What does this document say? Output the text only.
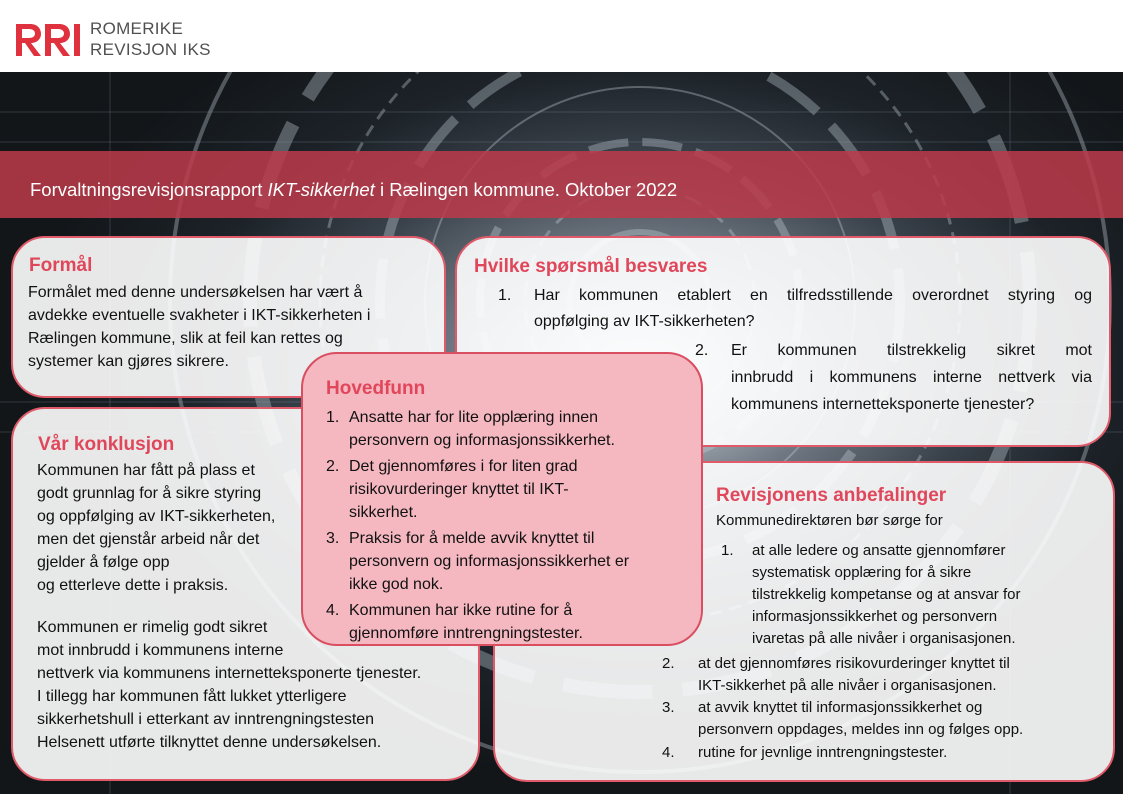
ROMERIKE
REVISJON IKS
Forvaltningsrevisjonsrapport IKT-sikkerhet i Rælingen kommune. Oktober 2022
Formål
Formålet med denne undersøkelsen har vært å
avdekke eventuelle svakheter i IKT-sikkerheten i
Rælingen kommune, slik at feil kan rettes og
systemer kan gjøres sikrere.
Hvilke spørsmål besvares
1. Har kommunen etablert en tilfredsstillende overordnet styring og
oppfølging av IKT-sikkerheten?
2. Er kommunen tilstrekkelig sikret mot
innbrudd i kommunens interne nettverk via
kommunens internetteksponerte tjenester?
Vår konklusjon
Kommunen har fått på plass et
godt grunnlag for å sikre styring
og oppfølging av IKT-sikkerheten,
men det gjenstår arbeid når det
gjelder å følge opp
og etterleve dette i praksis.
Kommunen er rimelig godt sikret
mot innbrudd i kommunens interne
nettverk via kommunens internetteksponerte tjenester.
I tillegg har kommunen fått lukket ytterligere
sikkerhetshull i etterkant av inntrengningstesten
Helsenett utførte tilknyttet denne undersøkelsen.
Revisjonens anbefalinger
Kommunedirektøren bør sørge for
1. at alle ledere og ansatte gjennomfører
systematisk opplæring for å sikre
tilstrekkelig kompetanse og at ansvar for
informasjonssikkerhet og personvern
ivaretas på alle nivåer i organisasjonen.
2. at det gjennomføres risikovurderinger knyttet til
IKT-sikkerhet på alle nivåer i organisasjonen.
3. at avvik knyttet til informasjonssikkerhet og
personvern oppdages, meldes inn og følges opp.
4. rutine for jevnlige inntrengningstester.
Hovedfunn
1. Ansatte har for lite opplæring innen
personvern og informasjonssikkerhet.
2. Det gjennomføres i for liten grad
risikovurderinger knyttet til IKT-
sikkerhet.
3. Praksis for å melde avvik knyttet til
personvern og informasjonssikkerhet er
ikke god nok.
4. Kommunen har ikke rutine for å
gjennomføre inntrengningstester.
